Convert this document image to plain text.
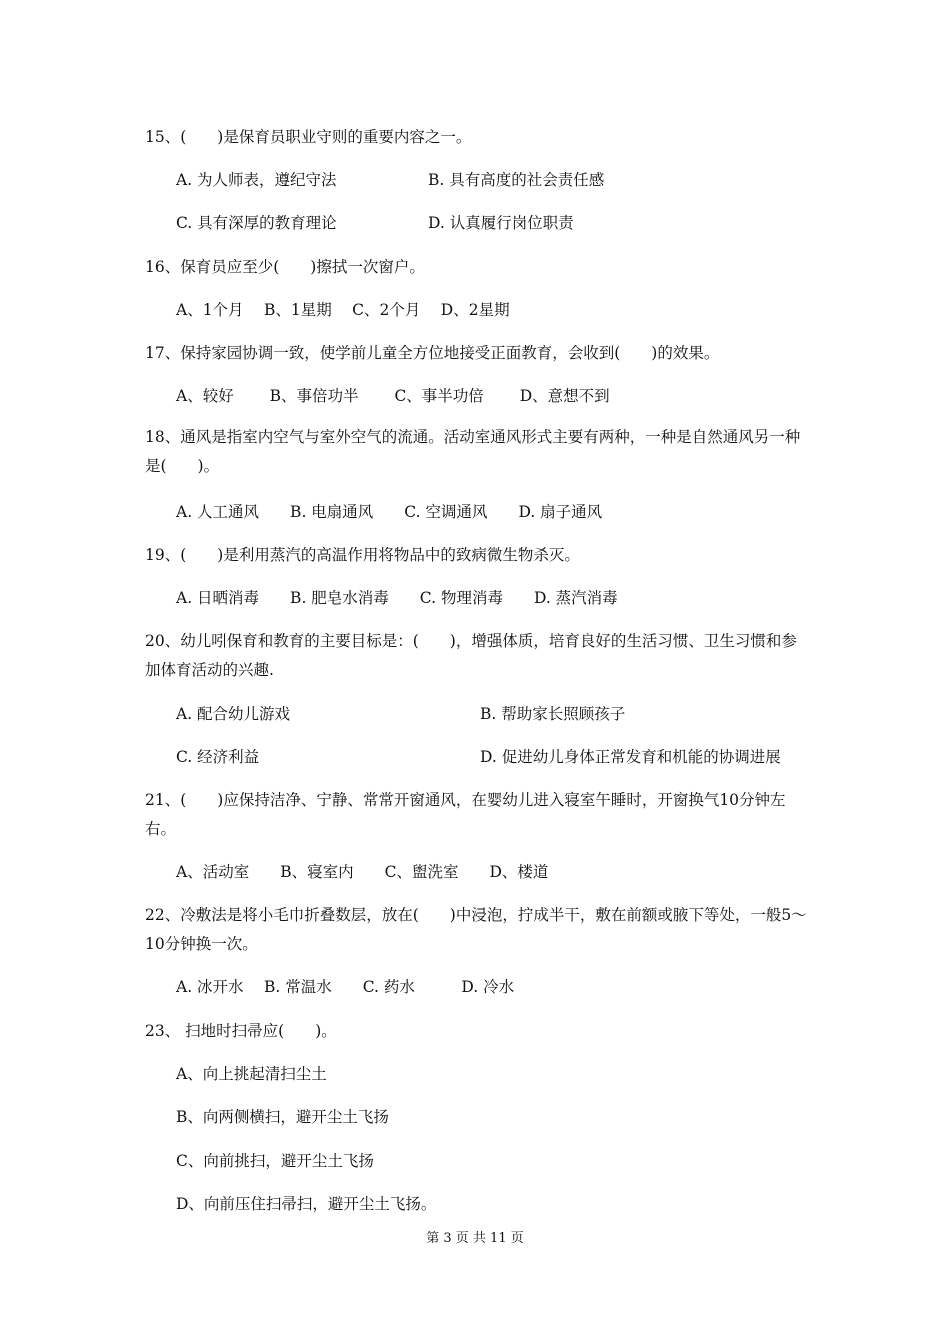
15、(　　)是保育员职业守则的重要内容之一。
A. 为人师表，遵纪守法	B. 具有高度的社会责任感
C. 具有深厚的教育理论	D. 认真履行岗位职责
16、保育员应至少(　　)擦拭一次窗户。
A、1个月　 B、1星期　 C、2个月　 D、2星期
17、保持家园协调一致，使学前儿童全方位地接受正面教育，会收到(　　)的效果。
A、较好　　 B、事倍功半　　 C、事半功倍　　 D、意想不到
18、通风是指室内空气与室外空气的流通。活动室通风形式主要有两种，一种是自然通风另一种是(　　)。
A. 人工通风　　B. 电扇通风　　C. 空调通风　　D. 扇子通风
19、(　　)是利用蒸汽的高温作用将物品中的致病微生物杀灭。
A. 日晒消毒　　B. 肥皂水消毒　　C. 物理消毒　　D. 蒸汽消毒
20、幼儿吲保育和教育的主要目标是：(　　)，增强体质，培育良好的生活习惯、卫生习惯和参加体育活动的兴趣.
A. 配合幼儿游戏	B. 帮助家长照顾孩子
C. 经济利益	D. 促进幼儿身体正常发育和机能的协调进展
21、(　　)应保持洁净、宁静、常常开窗通风，在婴幼儿进入寝室午睡时，开窗换气10分钟左右。
A、活动室　　B、寝室内　　C、盥洗室　　D、楼道
22、冷敷法是将小毛巾折叠数层，放在(　　)中浸泡，拧成半干，敷在前额或腋下等处，一般5～10分钟换一次。
A. 冰开水　 B. 常温水　　C. 药水　　　D. 冷水
23、 扫地时扫帚应(　　)。
A、向上挑起清扫尘土
B、向两侧横扫，避开尘土飞扬
C、向前挑扫，避开尘土飞扬
D、向前压住扫帚扫，避开尘土飞扬。
第 3 页 共 11 页
